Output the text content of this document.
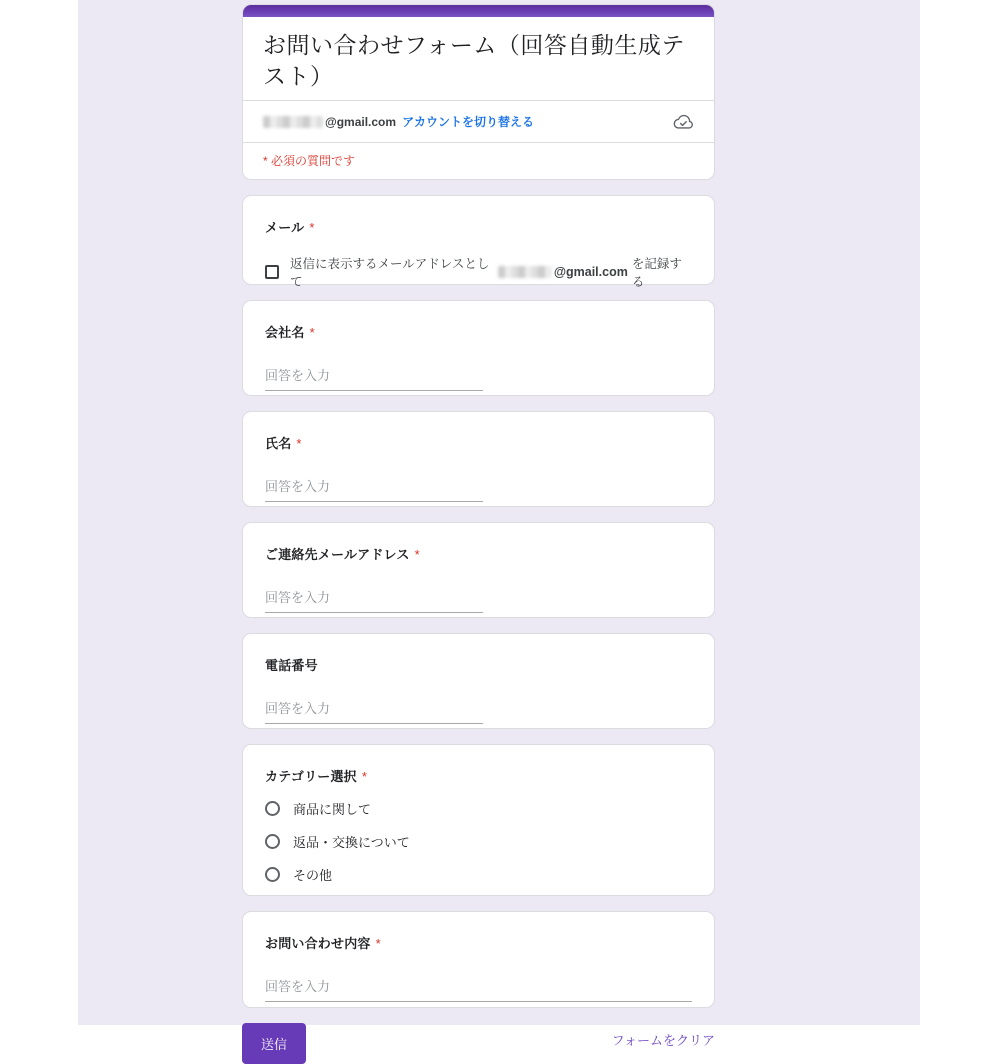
お問い合わせフォーム（回答自動生成テスト）
@gmail.com アカウントを切り替える
* 必須の質問です
メール *
返信に表示するメールアドレスとして
@gmail.com
を記録する
会社名 *
回答を入力
氏名 *
回答を入力
ご連絡先メールアドレス *
回答を入力
電話番号
回答を入力
カテゴリー選択 *
商品に関して
返品・交換について
その他
お問い合わせ内容 *
回答を入力
送信	フォームをクリア
